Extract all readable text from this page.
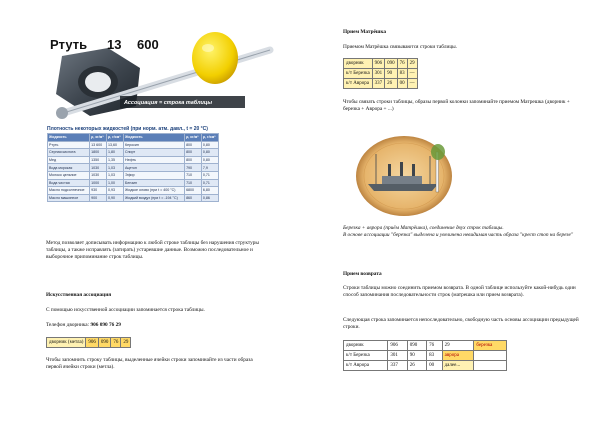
Ртуть 13 600
Ассоциация = строка таблицы
Плотность некоторых жидкостей (при норм. атм. давл., t = 20 °C)
Жидкость	ρ, кг/м³	ρ, г/см³	Жидкость	ρ, кг/м³	ρ, г/см³
Ртуть	13 600	13,60	Керосин	800	0,80
Серная кислота	1800	1,80	Спирт	800	0,80
Мед	1350	1,35	Нефть	800	0,80
Вода морская	1030	1,03	Ацетон	790	7,9
Молоко цельное	1030	1,03	Эфир	710	0,71
Вода чистая	1000	1,00	Бензин	710	0,71
Масло подсолнечное	930	0,93	Жидкое олово (при t = 400 °C)	6800	6,80
Масло машинное	900	0,90	Жидкий воздух (при t = -194 °C)	860	0,86
Метод позволяет дописывать информацию к любой строке таблицы без нарушения структуры таблицы, а также исправлять (затирать) устаревшие данные. Возможно последовательное и выборочное припоминание строк таблицы.
Искусственная ассоциация
С помощью искусственной ассоциации запоминается строка таблицы.
Телефон дворника: 906 090 76 29
дворник (метла)	906	090	76	29
Чтобы запомнить строку таблицы, выделенные ячейки строки запоминайте из части образа первой ячейки строки (метла).
Прием Матрёшка
Приемом Матрёшка связываются строки таблицы.
дворник	906	090	76	29
к/т Березка	301	90	83	—
к/т Аврора	337	26	00	—
Чтобы связать строки таблицы, образы первой колонки запоминайте приемом Матрешка (дворник + березка + Аврора + ...)
Березка + аврора (приём Матрёшка), соединение двух строк таблицы.
В основе ассоциации "березка" выделена и увеличена невидимая часть образа "крест стоп на березе"
Прием возврата
Строки таблицы можно соединить приемом возврата. В одной таблице используйте какой-нибудь один способ запоминания последовательности строк (матрешка или прием возврата).
Следующая строка запоминается непоследовательно, свободную часть основы ассоциации предыдущей строки.
дворник	906	090	76	29	березка
к/т Березка	301	90	83	аврора	
к/т Аврора	337	26	00	далее...	
